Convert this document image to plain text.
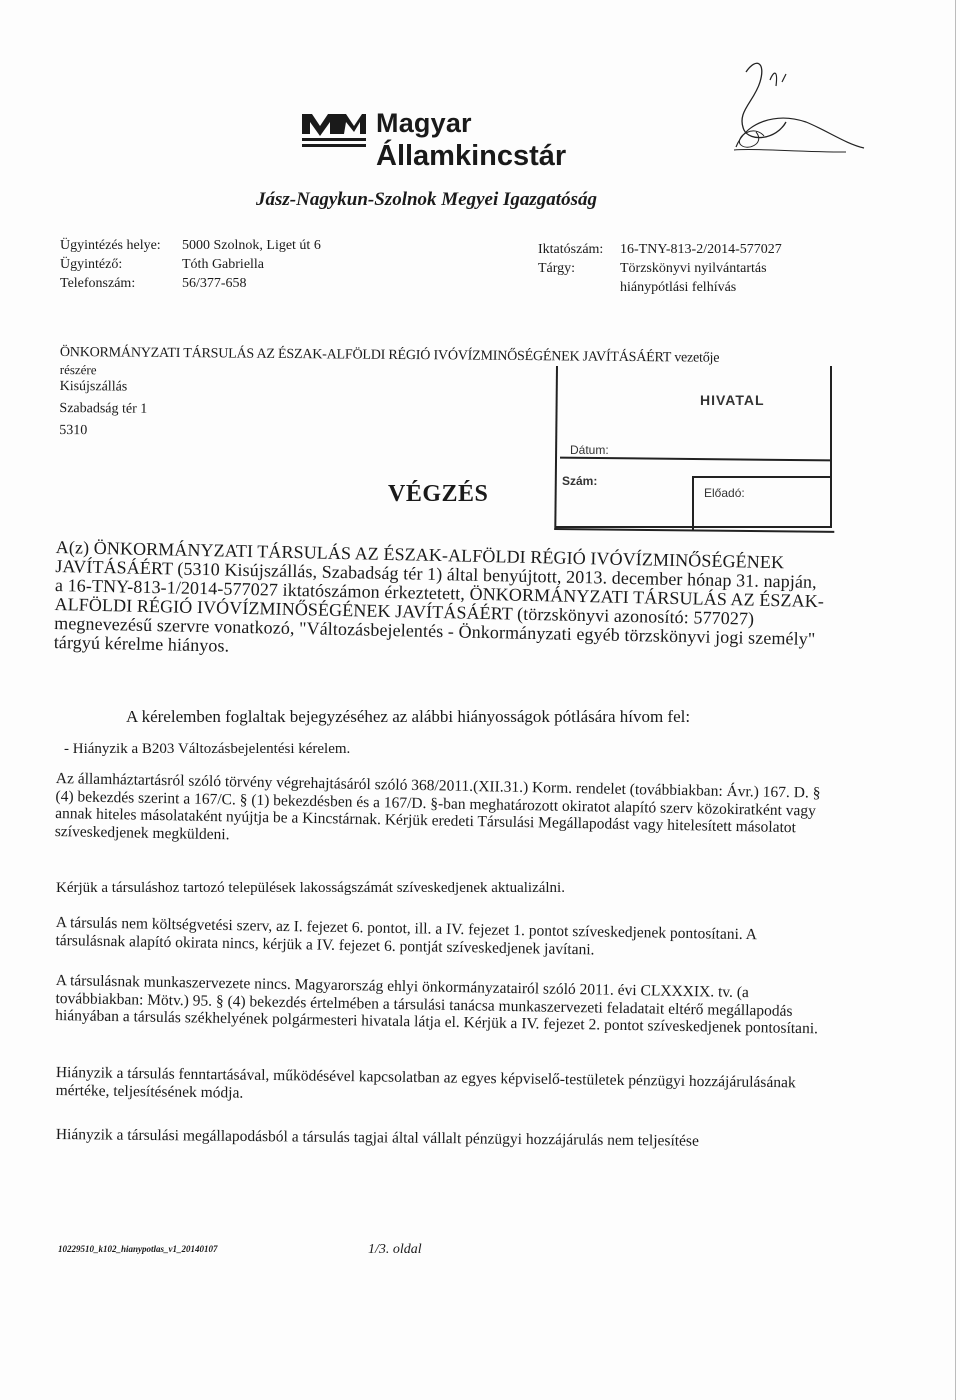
Magyar
Államkincstár
Jász-Nagykun-Szolnok Megyei Igazgatóság
Ügyintézés helye:
Ügyintéző:
Telefonszám:
5000 Szolnok, Liget út 6
Tóth Gabriella
56/377-658
Iktatószám:
Tárgy:
16-TNY-813-2/2014-577027
Törzskönyvi nyilvántartás
hiánypótlási felhívás
ÖNKORMÁNYZATI TÁRSULÁS AZ ÉSZAK-ALFÖLDI RÉGIÓ IVÓVÍZMINŐSÉGÉNEK JAVÍTÁSÁÉRT vezetője
részére
Kisújszállás
Szabadság tér 1
5310
HIVATAL
Dátum:
Szám:
Előadó:
VÉGZÉS
A(z) ÖNKORMÁNYZATI TÁRSULÁS AZ ÉSZAK-ALFÖLDI RÉGIÓ IVÓVÍZMINŐSÉGÉNEK JAVÍTÁSÁÉRT (5310 Kisújszállás, Szabadság tér 1) által benyújtott, 2013. december hónap 31. napján, a 16-TNY-813-1/2014-577027 iktatószámon érkeztetett, ÖNKORMÁNYZATI TÁRSULÁS AZ ÉSZAK-ALFÖLDI RÉGIÓ IVÓVÍZMINŐSÉGÉNEK JAVÍTÁSÁÉRT (törzskönyvi azonosító: 577027) megnevezésű szervre vonatkozó, "Változásbejelentés - Önkormányzati egyéb törzskönyvi jogi személy" tárgyú kérelme hiányos.
A kérelemben foglaltak bejegyzéséhez az alábbi hiányosságok pótlására hívom fel:
- Hiányzik a B203 Változásbejelentési kérelem.
Az államháztartásról szóló törvény végrehajtásáról szóló 368/2011.(XII.31.) Korm. rendelet (továbbiakban: Ávr.) 167. D. § (4) bekezdés szerint a 167/C. § (1) bekezdésben és a 167/D. §-ban meghatározott okiratot alapító szerv közokiratként vagy annak hiteles másolataként nyújtja be a Kincstárnak. Kérjük eredeti Társulási Megállapodást vagy hitelesített másolatot szíveskedjenek megküldeni.
Kérjük a társuláshoz tartozó települések lakosságszámát szíveskedjenek aktualizálni.
A társulás nem költségvetési szerv, az I. fejezet 6. pontot, ill. a IV. fejezet 1. pontot szíveskedjenek pontosítani. A társulásnak alapító okirata nincs, kérjük a IV. fejezet 6. pontját szíveskedjenek javítani.
A társulásnak munkaszervezete nincs. Magyarország ehlyi önkormányzatairól szóló 2011. évi CLXXXIX. tv. (a továbbiakban: Mötv.) 95. § (4) bekezdés értelmében a társulási tanácsa munkaszervezeti feladatait eltérő megállapodás hiányában a társulás székhelyének polgármesteri hivatala látja el. Kérjük a IV. fejezet 2. pontot szíveskedjenek pontosítani.
Hiányzik a társulás fenntartásával, működésével kapcsolatban az egyes képviselő-testületek pénzügyi hozzájárulásának mértéke, teljesítésének módja.
Hiányzik a társulási megállapodásból a társulás tagjai által vállalt pénzügyi hozzájárulás nem teljesítése
10229510_k102_hianypotlas_v1_20140107	1/3. oldal
